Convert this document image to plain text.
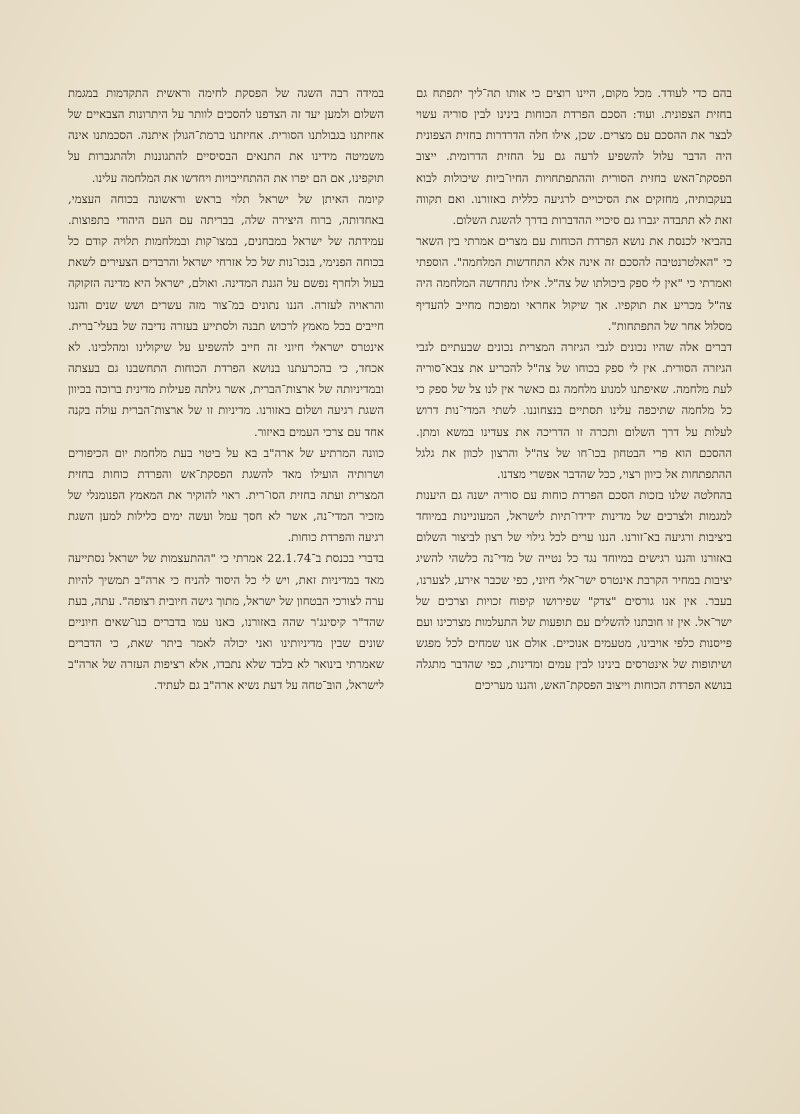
בהם כדי לעודד. מכל מקום, היינו רוצים כי אותו תה־ליך יתפתח גם בחזית הצפונית. ועוד: הסכם הפרדת הכוחות בינינו לבין סוריה עשוי לבצר את ההסכם עם מצרים. שכן, אילו חלה הדרדרות בחזית הצפונית היה הדבר עלול להשפיע לרעה גם על החזית הדרומית. ייצוב הפסקת־האש בחזית הסורית וההתפתחויות החיו־ביות שיכולות לבוא בעקבותיה, מחזקים את הסיכויים לרגיעה כללית באזורנו. ואם תקווה זאת לא תתבדה יגברו גם סיכויי ההדברות בדרך להשגת השלום.

בהביאי לכנסת את נושא הפרדת הכוחות עם מצרים אמרתי בין השאר כי "האלטרנטיבה להסכם זה אינה אלא התחדשות המלחמה". הוספתי ואמרתי כי "אין לי ספק ביכולתו של צה"ל. אילו נתחדשה המלחמה היה צה"ל מכריע את תוקפיו. אך שיקול אחראי ומפוכח מחייב להעדיף מסלול אחר של התפתחות".

דברים אלה שהיו נכונים לגבי הגיזרה המצרית נכונים שבעתיים לגבי הגיזרה הסורית. אין לי ספק בכוחו של צה"ל להכריע את צבא־סוריה לעת מלחמה. שאיפתנו למנוע מלחמה גם כאשר אין לנו צל של ספק כי כל מלחמה שתיכפה עלינו תסתיים בנצחוננו. לשתי המדי־נות דרוש לעלות על דרך השלום ותכרה זו הדריכה את צעדינו במשא ומתן. ההסכם הוא פרי הבטחון בכו־חו של צה"ל והרצון לכוון את גלגל ההתפתחות אל כיוון רצוי, ככל שהדבר אפשרי מצדנו.

בהחלטה שלנו בזכות הסכם הפרדת כוחות עם סוריה ישנה גם היענות למגמות ולצרכים של מדינות ידידו־תיות לישראל, המעוניינות במיוחד ביציבות ורגיעה בא־זורנו. הננו ערים לכל גילוי של רצון לביצור השלום באזורנו והננו רגישים במיוחד נגד כל נטייה של מדי־נה כלשהי להשיג יציבות במחיר הקרבת אינטרס ישר־אלי חיוני, כפי שכבר אירע, לצערנו, בעבר. אין אנו גורסים "צדק" שפירושו קיפוח זכויות וצרכים של ישר־אל. אין זו חובתנו להשלים עם תופעות של התעלמות מצרכינו ועם פייסנות כלפי אויבינו, מטעמים אנוכיים. אולם אנו שמחים לכל מפגש ושיתופות של אינטרסים בינינו לבין עמים ומדינות, כפי שהדבר מתגלה בנושא הפרדת הכוחות וייצוב הפסקת־האש, והננו מעריכים

במידה רבה השגה של הפסקת לחימה וראשית התקדמות במגמת השלום ולמען יעד זה הצדפנו להסכים לוותר על היתרונות הצבאיים של אחיזתנו בגבולתנו הסורית. אחיזתנו ברמת־הגולן איתנה. הסכמתנו אינה משמיטה מידינו את התנאים הבסיסיים להתגוננות ולהתגברות על תוקפינו, אם הם יפרו את ההתחייבויות ויחדשו את המלחמה עלינו.

קיומה האיתן של ישראל תלוי בראש וראשונה בכוחה העצמי, באחדותה, ברוח היצירה שלה, בבריתה עם העם היהודי בתפוצות. עמידתה של ישראל במבחנים, במצו־קות ובמלחמות תלויה קודם כל בכוחה הפנימי, בנכו־נות של כל אזרחי ישראל והרבדים הצעירים לשאת בעול ולחרף נפשם על הגנת המדינה. ואולם, ישראל היא מדינה הזקוקה והראויה לעזרה. הננו נתונים במ־צור מזה עשרים ושש שנים והננו חייבים בכל מאמץ לרכוש תבנה ולסתייע בעזרה נדיבה של בעלי־ברית. אינטרס ישראלי חיוני זה חייב להשפיע על שיקולינו ומהלכינו. לא אכחד, כי בהכרעתנו בנושא הפרדת הכוחות התחשבנו גם בעצתה ובמדיניותה של ארצות־הברית, אשר גילתה פעילות מדינית ברוכה בכיוון השגת רגיעה ושלום באזורנו. מדיניות זו של ארצות־הברית עולה בקנה אחד עם צרכי העמים באיזור.

כוונה המרתיע של ארה"ב בא על ביטוי בעת מלחמת יום הכיפורים ושרותיה הועילו מאד להשגת הפסקת־אש והפרדת כוחות בחזית המצרית ועתה בחזית הסו־רית. ראוי להוקיר את המאמץ הפנומנלי של מזכיר המדי־נה, אשר לא חסך עמל ועשה ימים כלילות למען השגת רגיעה והפרדת כוחות.

בדברי בכנסת ב־22.1.74 אמרתי כי "ההתעצמות של ישראל נסתייעה מאד במדיניות זאת, ויש לי כל היסוד להניח כי ארה"ב תמשיך להיות ערה לצורכי הבטחון של ישראל, מתוך גישה חיובית רצופה". עתה, בעת שהד"ר קיסינג'ר שהה באזורנו, באנו עמו בדברים בנו־שאים חיוניים שונים שבין מדיניותינו ואני יכולה לאמר ביתר שאת, כי הדברים שאמרתי בינואר לא בלבד שלא נתבדו, אלא רציפות העזרה של ארה"ב לישראל, הובּ־טחה על דעת נשיא ארה"ב גם לעתיד.
